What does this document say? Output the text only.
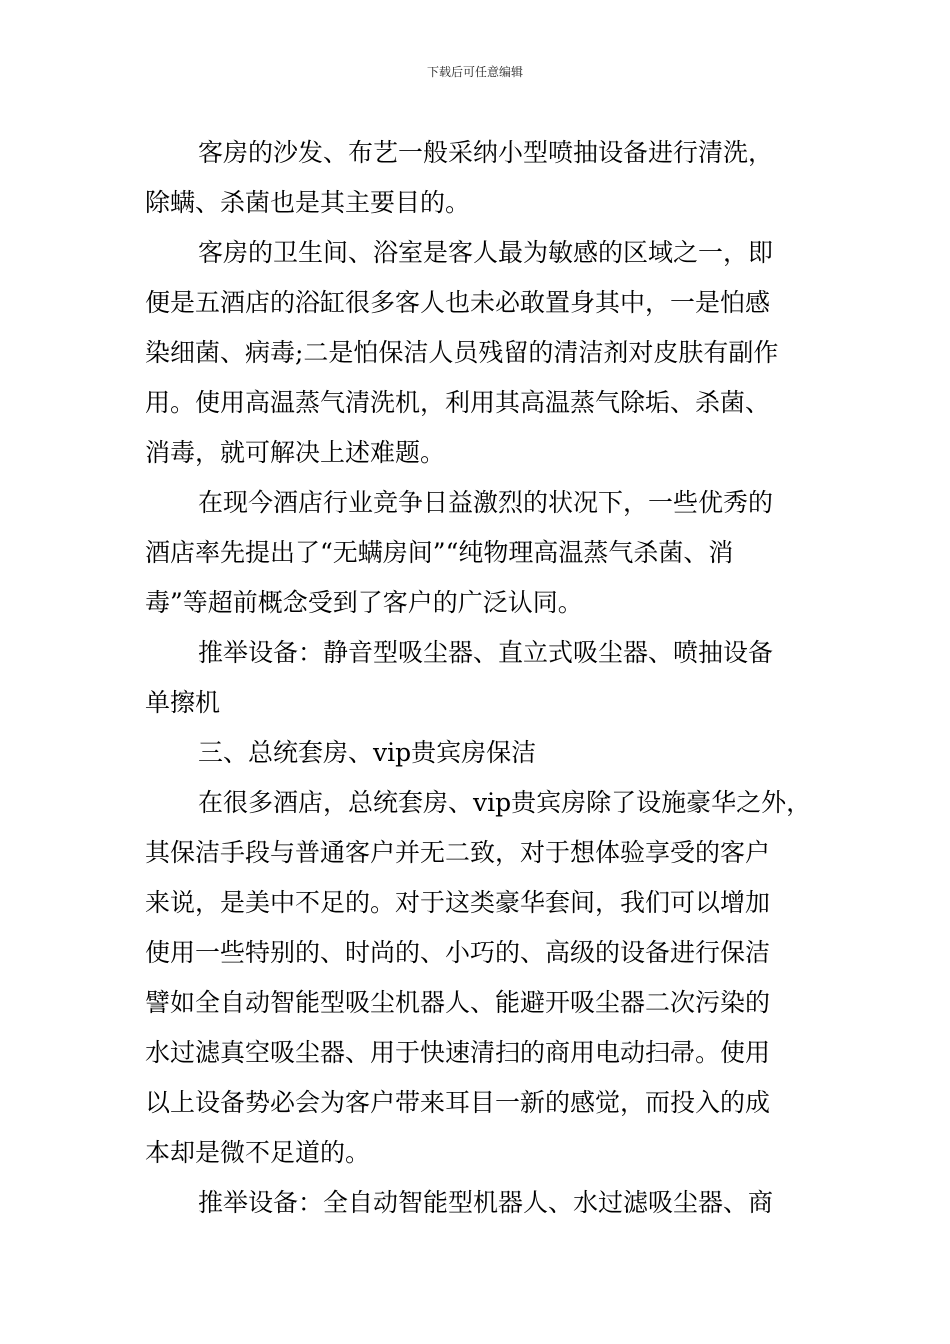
下载后可任意编辑
客房的沙发、布艺一般采纳小型喷抽设备进行清洗，
除螨、杀菌也是其主要目的。
客房的卫生间、浴室是客人最为敏感的区域之一，即
便是五酒店的浴缸很多客人也未必敢置身其中，一是怕感
染细菌、病毒;二是怕保洁人员残留的清洁剂对皮肤有副作
用。使用高温蒸气清洗机，利用其高温蒸气除垢、杀菌、
消毒，就可解决上述难题。
在现今酒店行业竞争日益激烈的状况下，一些优秀的
酒店率先提出了“无螨房间”“纯物理高温蒸气杀菌、消
毒”等超前概念受到了客户的广泛认同。
推举设备：静音型吸尘器、直立式吸尘器、喷抽设备
单擦机
三、总统套房、vip贵宾房保洁
在很多酒店，总统套房、vip贵宾房除了设施豪华之外，
其保洁手段与普通客户并无二致，对于想体验享受的客户
来说，是美中不足的。对于这类豪华套间，我们可以增加
使用一些特别的、时尚的、小巧的、高级的设备进行保洁
譬如全自动智能型吸尘机器人、能避开吸尘器二次污染的
水过滤真空吸尘器、用于快速清扫的商用电动扫帚。使用
以上设备势必会为客户带来耳目一新的感觉，而投入的成
本却是微不足道的。
推举设备：全自动智能型机器人、水过滤吸尘器、商
